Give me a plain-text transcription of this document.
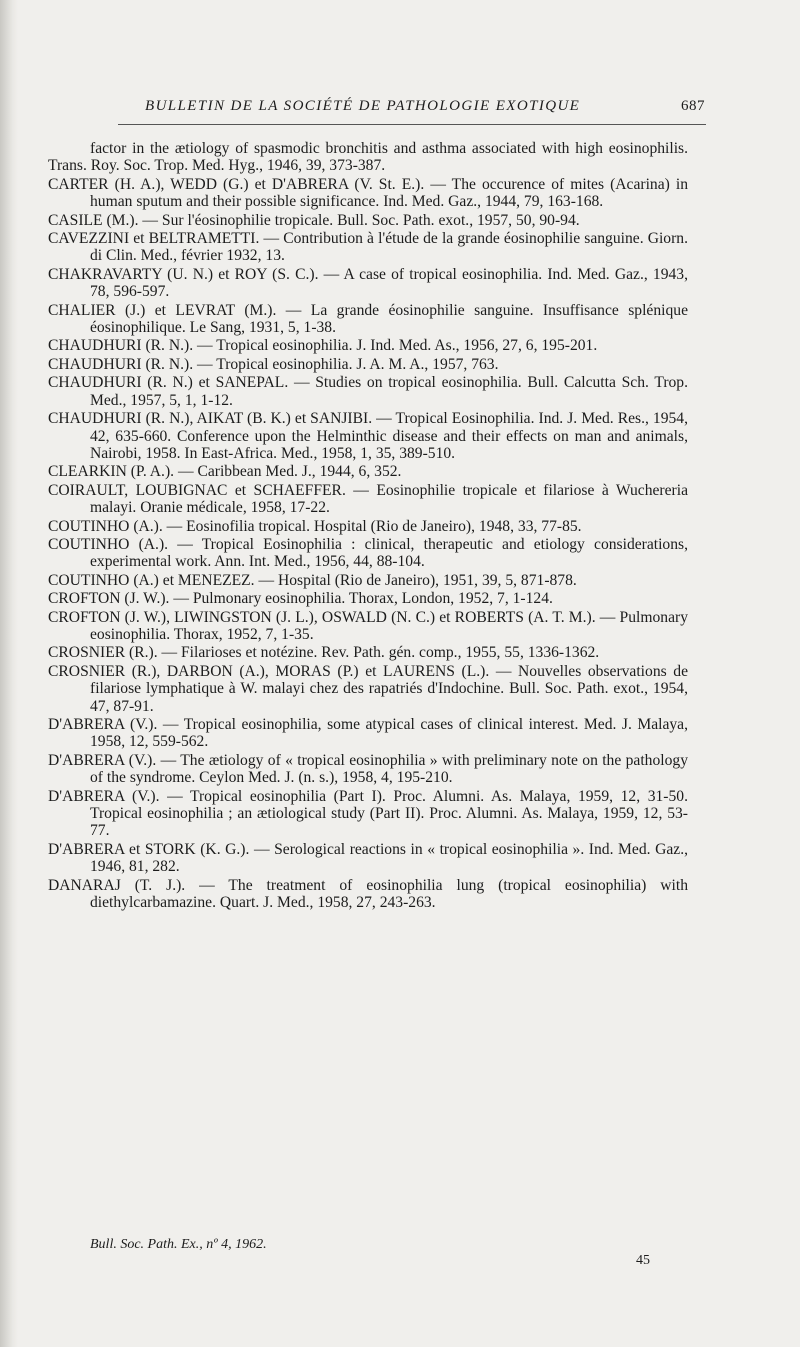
BULLETIN DE LA SOCIÉTÉ DE PATHOLOGIE EXOTIQUE	687

factor in the ætiology of spasmodic bronchitis and asthma associated with high eosinophilis. Trans. Roy. Soc. Trop. Med. Hyg., 1946, 39, 373-387.

CARTER (H. A.), WEDD (G.) et D'ABRERA (V. St. E.). — The occurence of mites (Acarina) in human sputum and their possible significance. Ind. Med. Gaz., 1944, 79, 163-168.

CASILE (M.). — Sur l'éosinophilie tropicale. Bull. Soc. Path. exot., 1957, 50, 90-94.

CAVEZZINI et BELTRAMETTI. — Contribution à l'étude de la grande éosinophilie sanguine. Giorn. di Clin. Med., février 1932, 13.

CHAKRAVARTY (U. N.) et ROY (S. C.). — A case of tropical eosinophilia. Ind. Med. Gaz., 1943, 78, 596-597.

CHALIER (J.) et LEVRAT (M.). — La grande éosinophilie sanguine. Insuffisance splénique éosinophilique. Le Sang, 1931, 5, 1-38.

CHAUDHURI (R. N.). — Tropical eosinophilia. J. Ind. Med. As., 1956, 27, 6, 195-201.

CHAUDHURI (R. N.). — Tropical eosinophilia. J. A. M. A., 1957, 763.

CHAUDHURI (R. N.) et SANEPAL. — Studies on tropical eosinophilia. Bull. Calcutta Sch. Trop. Med., 1957, 5, 1, 1-12.

CHAUDHURI (R. N.), AIKAT (B. K.) et SANJIBI. — Tropical Eosinophilia. Ind. J. Med. Res., 1954, 42, 635-660. Conference upon the Helminthic disease and their effects on man and animals, Nairobi, 1958. In East-Africa. Med., 1958, 1, 35, 389-510.

CLEARKIN (P. A.). — Caribbean Med. J., 1944, 6, 352.

COIRAULT, LOUBIGNAC et SCHAEFFER. — Eosinophilie tropicale et filariose à Wuchereria malayi. Oranie médicale, 1958, 17-22.

COUTINHO (A.). — Eosinofilia tropical. Hospital (Rio de Janeiro), 1948, 33, 77-85.

COUTINHO (A.). — Tropical Eosinophilia : clinical, therapeutic and etiology considerations, experimental work. Ann. Int. Med., 1956, 44, 88-104.

COUTINHO (A.) et MENEZEZ. — Hospital (Rio de Janeiro), 1951, 39, 5, 871-878.

CROFTON (J. W.). — Pulmonary eosinophilia. Thorax, London, 1952, 7, 1-124.

CROFTON (J. W.), LIWINGSTON (J. L.), OSWALD (N. C.) et ROBERTS (A. T. M.). — Pulmonary eosinophilia. Thorax, 1952, 7, 1-35.

CROSNIER (R.). — Filarioses et notézine. Rev. Path. gén. comp., 1955, 55, 1336-1362.

CROSNIER (R.), DARBON (A.), MORAS (P.) et LAURENS (L.). — Nouvelles observations de filariose lymphatique à W. malayi chez des rapatriés d'Indochine. Bull. Soc. Path. exot., 1954, 47, 87-91.

D'ABRERA (V.). — Tropical eosinophilia, some atypical cases of clinical interest. Med. J. Malaya, 1958, 12, 559-562.

D'ABRERA (V.). — The ætiology of « tropical eosinophilia » with preliminary note on the pathology of the syndrome. Ceylon Med. J. (n. s.), 1958, 4, 195-210.

D'ABRERA (V.). — Tropical eosinophilia (Part I). Proc. Alumni. As. Malaya, 1959, 12, 31-50. Tropical eosinophilia ; an ætiological study (Part II). Proc. Alumni. As. Malaya, 1959, 12, 53-77.

D'ABRERA et STORK (K. G.). — Serological reactions in « tropical eosinophilia ». Ind. Med. Gaz., 1946, 81, 282.

DANARAJ (T. J.). — The treatment of eosinophilia lung (tropical eosinophilia) with diethylcarbamazine. Quart. J. Med., 1958, 27, 243-263.

Bull. Soc. Path. Ex., nº 4, 1962.
45
